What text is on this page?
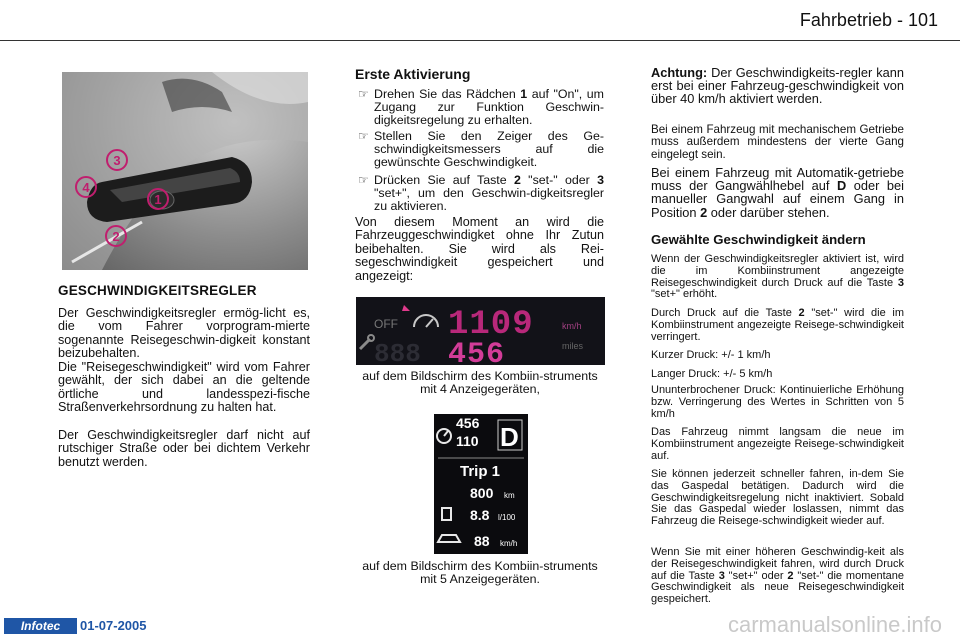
Fahrbetrieb - 101
3
4
1
2
GESCHWINDIGKEITSREGLER

Der Geschwindigkeitsregler ermög-licht es, die vom Fahrer vorprogram-mierte sogenannte Reisegeschwin-digkeit konstant beizubehalten.

Die "Reisegeschwindigkeit" wird vom Fahrer gewählt, der sich dabei an die geltende örtliche und landesspezi-fische Straßenverkehrsordnung zu halten hat.

Der Geschwindigkeitsregler darf nicht auf rutschiger Straße oder bei dichtem Verkehr benutzt werden.

Erste Aktivierung
☞ Drehen Sie das Rädchen 1 auf "On", um Zugang zur Funktion Geschwin-digkeitsregelung zu erhalten.
☞ Stellen Sie den Zeiger des Ge-schwindigkeitsmessers auf die gewünschte Geschwindigkeit.
☞ Drücken Sie auf Taste 2 "set-" oder 3 "set+", um den Geschwin-digkeitsregler zu aktivieren.

Von diesem Moment an wird die Fahrzeuggeschwindigket ohne Ihr Zutun beibehalten. Sie wird als Rei-segeschwindigkeit gespeichert und angezeigt:

OFF 1109
456
888
km/h
miles
auf dem Bildschirm des Kombiin-struments mit 4 Anzeigegeräten,
456
110 D
Trip 1
800 km
8.8 l/100
88 km/h
auf dem Bildschirm des Kombiin-struments mit 5 Anzeigegeräten.

Achtung: Der Geschwindigkeits-regler kann erst bei einer Fahrzeug-geschwindigkeit von über 40 km/h aktiviert werden.

Bei einem Fahrzeug mit mechanischem Getriebe muss außerdem mindestens der vierte Gang eingelegt sein.

Bei einem Fahrzeug mit Automatik-getriebe muss der Gangwählhebel auf D oder bei manueller Gangwahl auf einem Gang in Position 2 oder darüber stehen.

Gewählte Geschwindigkeit ändern

Wenn der Geschwindigkeitsregler aktiviert ist, wird die im Kombiinstrument angezeigte Reisegeschwindigkeit durch Druck auf die Taste 3 "set+" erhöht.

Durch Druck auf die Taste 2 "set-" wird die im Kombiinstrument angezeigte Reisege-schwindigkeit verringert.

Kurzer Druck: +/- 1 km/h

Langer Druck: +/- 5 km/h

Ununterbrochener Druck: Kontinuierliche Erhöhung bzw. Verringerung des Wertes in Schritten von 5 km/h

Das Fahrzeug nimmt langsam die neue im Kombiinstrument angezeigte Reisege-schwindigkeit auf.

Sie können jederzeit schneller fahren, in-dem Sie das Gaspedal betätigen. Dadurch wird die Geschwindigkeitsregelung nicht inaktiviert. Sobald Sie das Gaspedal wieder loslassen, nimmt das Fahrzeug die Reisege-schwindigkeit wieder auf.

Wenn Sie mit einer höheren Geschwindig-keit als der Reisegeschwindigkeit fahren, wird durch Druck auf die Taste 3 "set+" oder 2 "set-" die momentane Geschwindigkeit als neue Reisegeschwindigkeit gespeichert.

Infotec	01-07-2005	carmanualsonline.info
